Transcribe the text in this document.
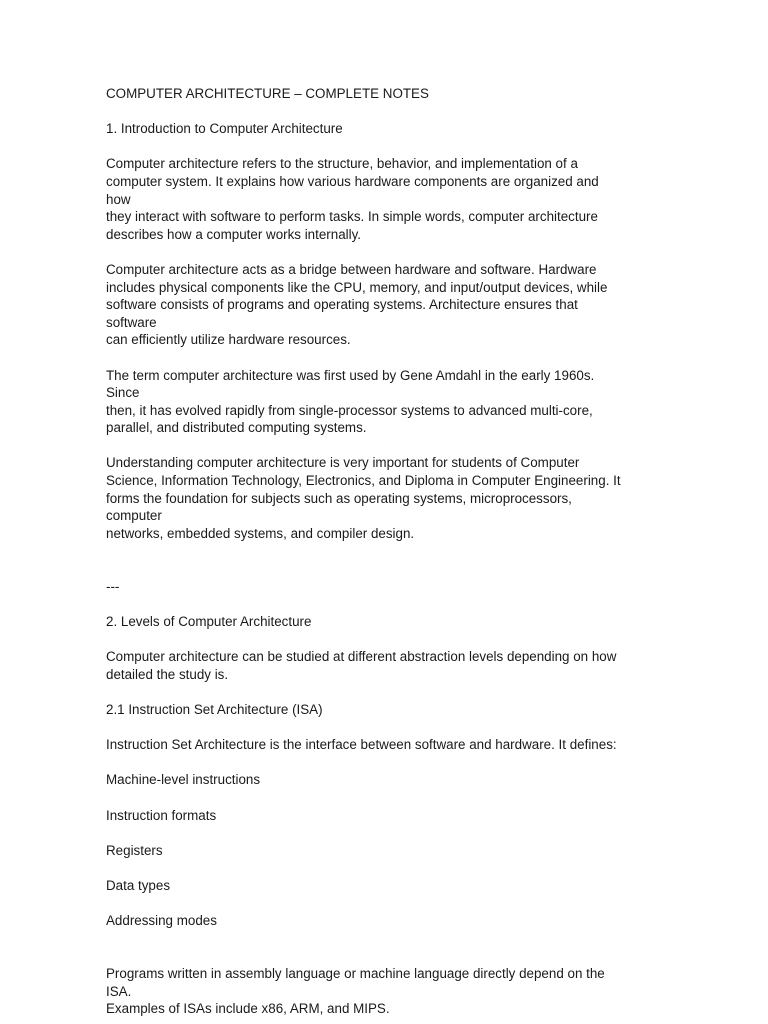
COMPUTER ARCHITECTURE – COMPLETE NOTES

1. Introduction to Computer Architecture

Computer architecture refers to the structure, behavior, and implementation of a
computer system. It explains how various hardware components are organized and how
they interact with software to perform tasks. In simple words, computer architecture
describes how a computer works internally.

Computer architecture acts as a bridge between hardware and software. Hardware
includes physical components like the CPU, memory, and input/output devices, while
software consists of programs and operating systems. Architecture ensures that software
can efficiently utilize hardware resources.

The term computer architecture was first used by Gene Amdahl in the early 1960s. Since
then, it has evolved rapidly from single-processor systems to advanced multi-core,
parallel, and distributed computing systems.

Understanding computer architecture is very important for students of Computer
Science, Information Technology, Electronics, and Diploma in Computer Engineering. It
forms the foundation for subjects such as operating systems, microprocessors, computer
networks, embedded systems, and compiler design.

---

2. Levels of Computer Architecture

Computer architecture can be studied at different abstraction levels depending on how
detailed the study is.

2.1 Instruction Set Architecture (ISA)

Instruction Set Architecture is the interface between software and hardware. It defines:

Machine-level instructions

Instruction formats

Registers

Data types

Addressing modes

Programs written in assembly language or machine language directly depend on the ISA.
Examples of ISAs include x86, ARM, and MIPS.
